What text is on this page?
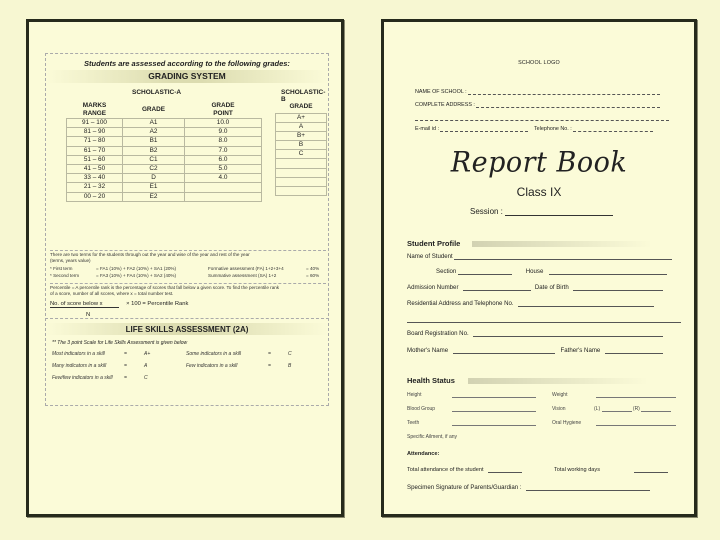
Students are assessed according to the following grades:
GRADING SYSTEM
SCHOLASTIC-A	SCHOLASTIC-B
MARKS
RANGE	GRADE	GRADE
POINT
91 – 100	A1	10.0
81 – 90	A2	9.0
71 – 80	B1	8.0
61 – 70	B2	7.0
51 – 60	C1	6.0
41 – 50	C2	5.0
33 – 40	D	4.0
21 – 32	E1	
00 – 20	E2	
GRADE
A+
A
B+
B
C

There are two terms for the students through out the year and wise of the year and rest of the year
(terms, years value)
* First term	= FA1 (10%) + FA2 (10%) + SA1 (20%)	Formative assessment (FA) 1+2+3+4	= 40%
* Second term	= FA3 (10%) + FA4 (10%) + SA2 (40%)	Summative assessment (SA) 1+2	= 60%
Percentile = A percentile rank is the percentage of scores that fall below a given score. To find the percentile rank
of a score, number of all scores, where x = total number test.
No. of score below x	× 100 = Percentile Rank
N
LIFE SKILLS ASSESSMENT (2A)
** The 3 point Scale for Life Skills Assessment is given below
Most indicators in a skill	=	A+	Some indicators in a skill	=	C
Many indicators in a skill	=	A	Few indicators in a skill	=	B
Few/few indicators in a skill =	C
SCHOOL LOGO
NAME OF SCHOOL :
COMPLETE ADDRESS :
E-mail id :	Telephone No. :
Report Book
Class IX
Session :
Student Profile
Name of Student
Section	House
Admission Number	Date of Birth
Residential Address and Telephone No.
Board Registration No.
Mother's Name	Father's Name
Health Status
Height	Weight
Blood Group	Vision	(L)	(R)
Teeth	Oral Hygiene
Specific Ailment, if any
Attendance:
Total attendance of the student	Total working days
Specimen Signature of Parents/Guardian :
